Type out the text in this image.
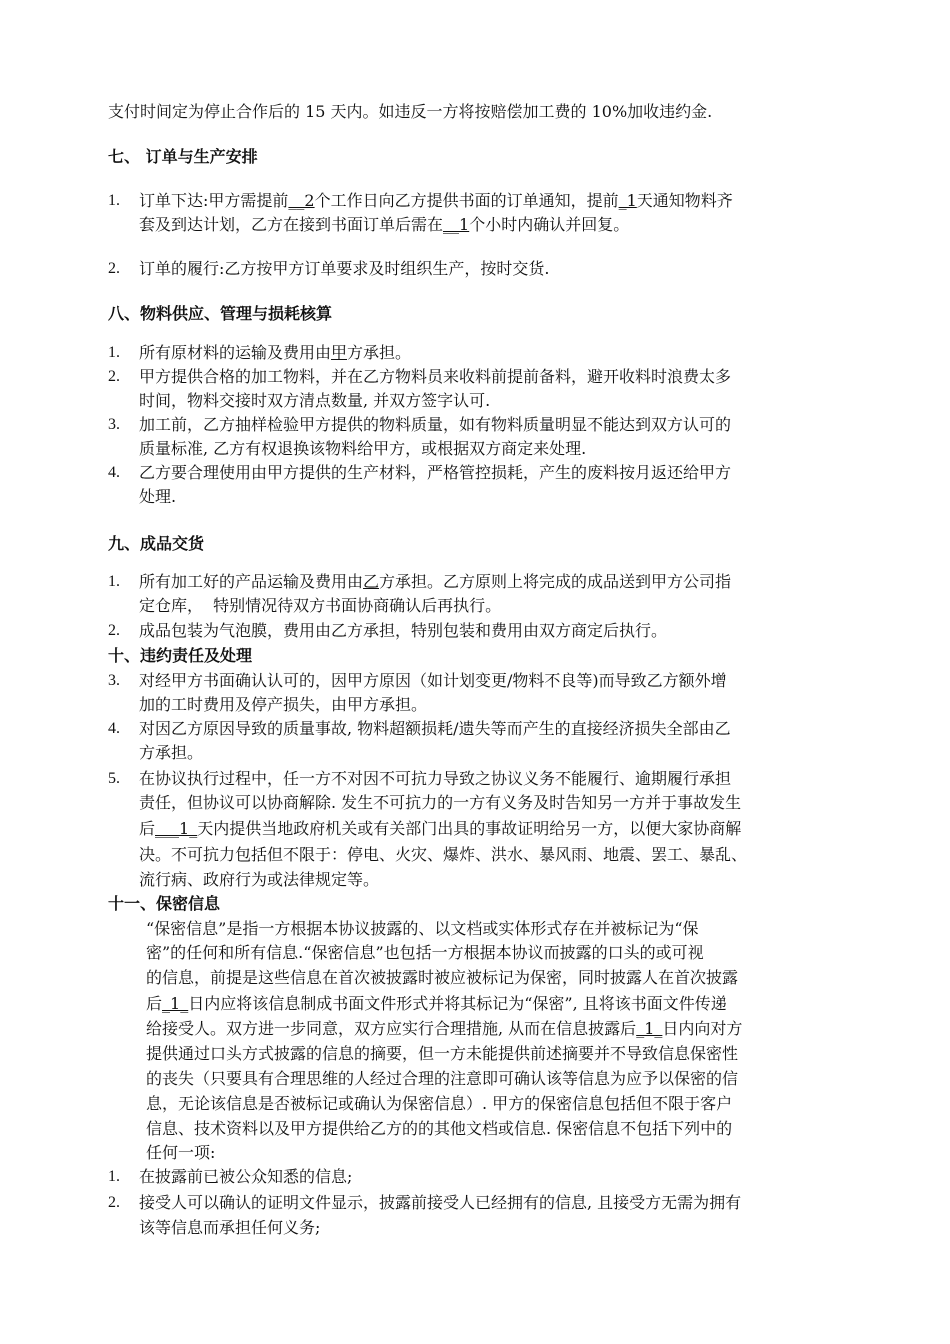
支付时间定为停止合作后的 15 天内。如违反一方将按赔偿加工费的 10%加收违约金.
七、 订单与生产安排
1. 订单下达:甲方需提前__2个工作日向乙方提供书面的订单通知，提前_1天通知物料齐
套及到达计划，乙方在接到书面订单后需在__1个小时内确认并回复。
2. 订单的履行:乙方按甲方订单要求及时组织生产，按时交货.
八、物料供应、管理与损耗核算
1. 所有原材料的运输及费用由甲方承担。
2. 甲方提供合格的加工物料，并在乙方物料员来收料前提前备料，避开收料时浪费太多
时间，物料交接时双方清点数量, 并双方签字认可.
3. 加工前，乙方抽样检验甲方提供的物料质量，如有物料质量明显不能达到双方认可的
质量标准, 乙方有权退换该物料给甲方，或根据双方商定来处理.
4. 乙方要合理使用由甲方提供的生产材料，严格管控损耗，产生的废料按月返还给甲方
处理.
九、成品交货
1. 所有加工好的产品运输及费用由乙方承担。乙方原则上将完成的成品送到甲方公司指
定仓库，  特别情况待双方书面协商确认后再执行。
2. 成品包装为气泡膜，费用由乙方承担，特别包装和费用由双方商定后执行。
十、违约责任及处理
3. 对经甲方书面确认认可的，因甲方原因（如计划变更/物料不良等)而导致乙方额外增
加的工时费用及停产损失，由甲方承担。
4. 对因乙方原因导致的质量事故, 物料超额损耗/遗失等而产生的直接经济损失全部由乙
方承担。
5. 在协议执行过程中，任一方不对因不可抗力导致之协议义务不能履行、逾期履行承担
责任，但协议可以协商解除. 发生不可抗力的一方有义务及时告知另一方并于事故发生
后___1_天内提供当地政府机关或有关部门出具的事故证明给另一方，以便大家协商解
决。不可抗力包括但不限于：停电、火灾、爆炸、洪水、暴风雨、地震、罢工、暴乱、
流行病、政府行为或法律规定等。
十一、保密信息
“保密信息”是指一方根据本协议披露的、以文档或实体形式存在并被标记为“保
密”的任何和所有信息.“保密信息”也包括一方根据本协议而披露的口头的或可视
的信息，前提是这些信息在首次被披露时被应被标记为保密，同时披露人在首次披露
后_1_日内应将该信息制成书面文件形式并将其标记为“保密”, 且将该书面文件传递
给接受人。双方进一步同意，双方应实行合理措施, 从而在信息披露后_1_日内向对方
提供通过口头方式披露的信息的摘要，但一方未能提供前述摘要并不导致信息保密性
的丧失（只要具有合理思维的人经过合理的注意即可确认该等信息为应予以保密的信
息，无论该信息是否被标记或确认为保密信息）. 甲方的保密信息包括但不限于客户
信息、技术资料以及甲方提供给乙方的的其他文档或信息. 保密信息不包括下列中的
任何一项:
1. 在披露前已被公众知悉的信息;
2. 接受人可以确认的证明文件显示，披露前接受人已经拥有的信息, 且接受方无需为拥有
该等信息而承担任何义务;
